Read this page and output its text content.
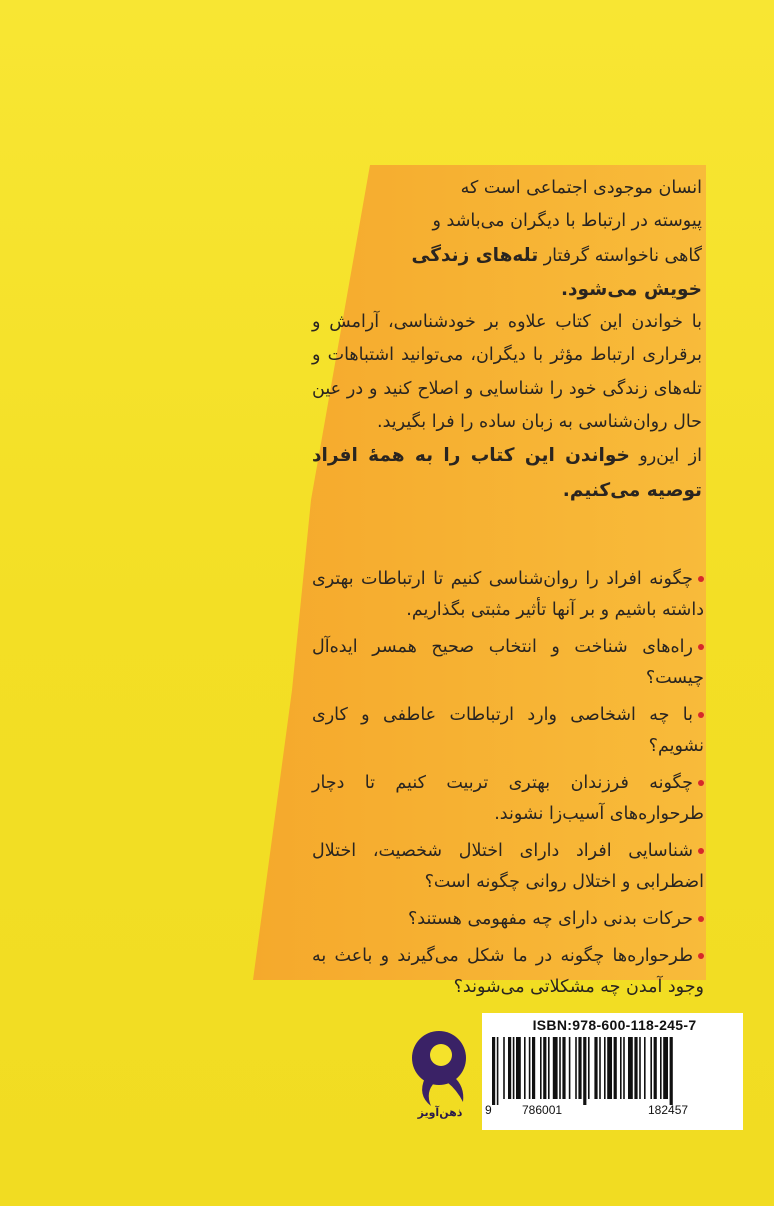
انسان موجودی اجتماعی است که

پیوسته در ارتباط با دیگران می‌باشد و

گاهی ناخواسته گرفتار تله‌های زندگی

خویش می‌شود.

با خواندن این کتاب علاوه بر خودشناسی، آرامش و برقراری ارتباط مؤثر با دیگران، می‌توانید اشتباهات و تله‌های زندگی خود را شناسایی و اصلاح کنید و در عین حال روان‌شناسی به زبان ساده را فرا بگیرید.

از این‌رو خواندن این کتاب را به همهٔ افراد توصیه می‌کنیم.

چگونه افراد را روان‌شناسی کنیم تا ارتباطات بهتری داشته باشیم و بر آنها تأثیر مثبتی بگذاریم.
راه‌های شناخت و انتخاب صحیح همسر ایده‌آل چیست؟
با چه اشخاصی وارد ارتباطات عاطفی و کاری نشویم؟
چگونه فرزندان بهتری تربیت کنیم تا دچار طرحواره‌های آسیب‌زا نشوند.
شناسایی افراد دارای اختلال شخصیت، اختلال اضطرابی و اختلال روانی چگونه است؟
حرکات بدنی دارای چه مفهومی هستند؟
طرحواره‌ها چگونه در ما شکل می‌گیرند و باعث به وجود آمدن چه مشکلاتی می‌شوند؟
ذهن‌آویز
ISBN:978-600-118-245-7
9	786001	182457
